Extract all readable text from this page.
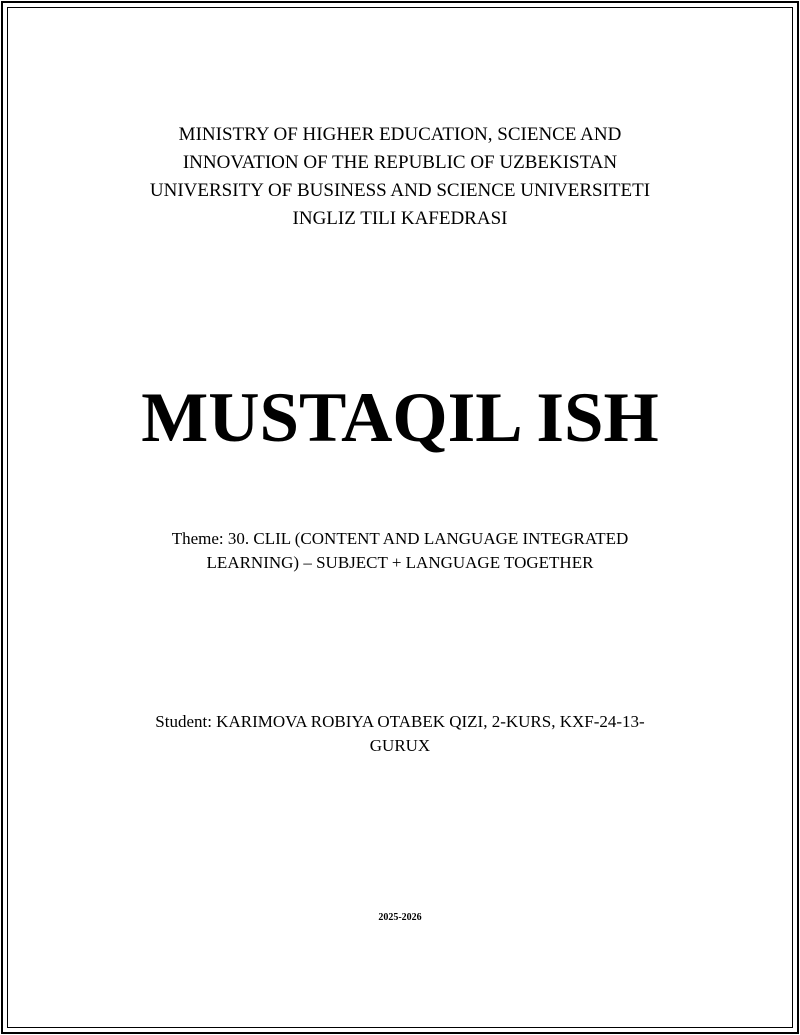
MINISTRY OF HIGHER EDUCATION, SCIENCE AND
INNOVATION OF THE REPUBLIC OF UZBEKISTAN
UNIVERSITY OF BUSINESS AND SCIENCE UNIVERSITETI
INGLIZ TILI KAFEDRASI
MUSTAQIL ISH
Theme: 30. CLIL (CONTENT AND LANGUAGE INTEGRATED
LEARNING) – SUBJECT + LANGUAGE TOGETHER
Student: KARIMOVA ROBIYA OTABEK QIZI, 2-KURS, KXF-24-13-
GURUX
2025-2026
